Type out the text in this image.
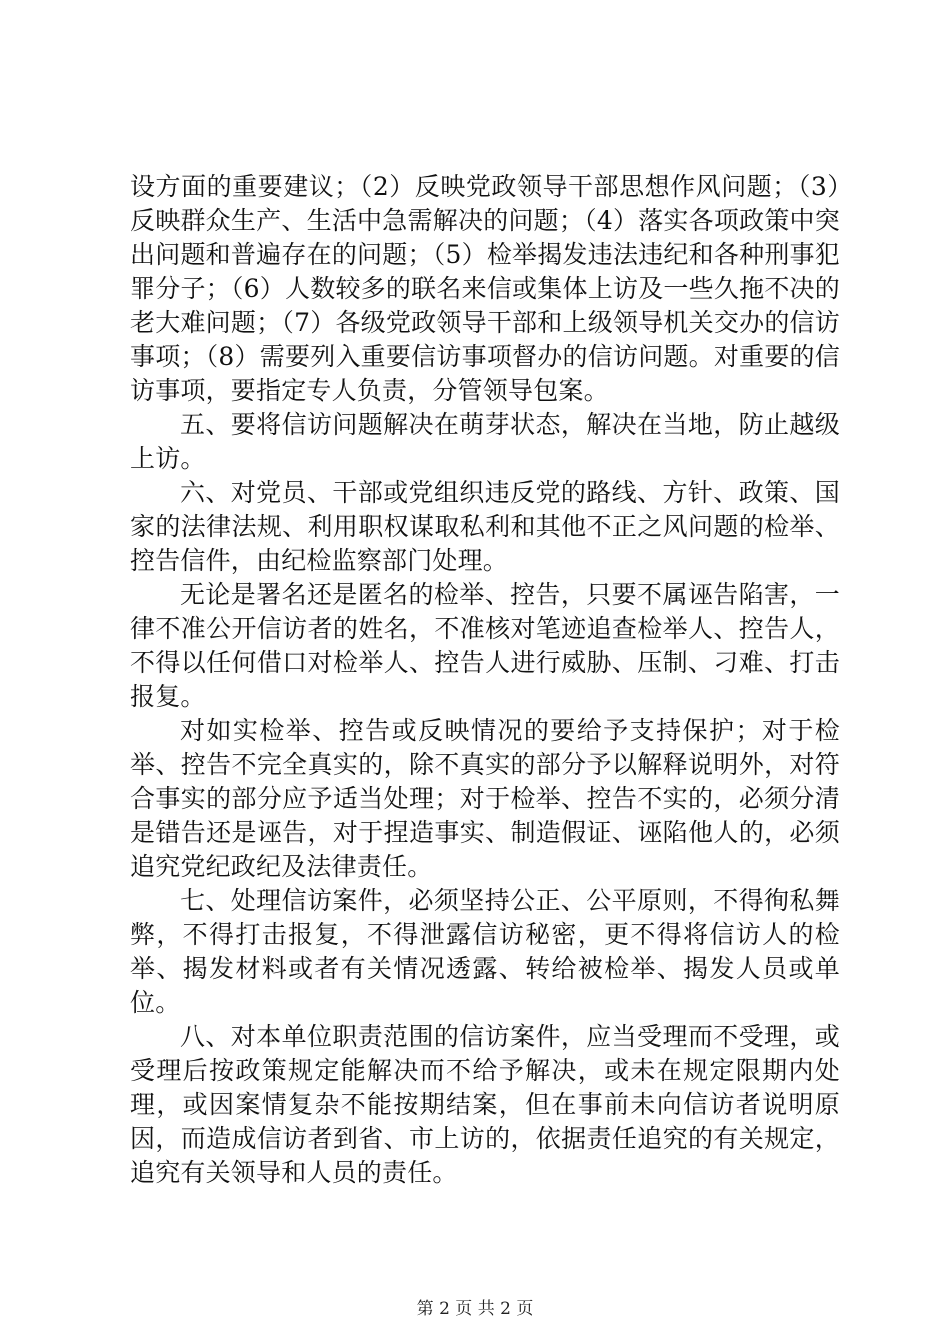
设方面的重要建议；（2）反映党政领导干部思想作风问题；（3）反映群众生产、生活中急需解决的问题；（4）落实各项政策中突出问题和普遍存在的问题；（5）检举揭发违法违纪和各种刑事犯罪分子；（6）人数较多的联名来信或集体上访及一些久拖不决的老大难问题；（7）各级党政领导干部和上级领导机关交办的信访事项；（8）需要列入重要信访事项督办的信访问题。对重要的信访事项，要指定专人负责，分管领导包案。

五、要将信访问题解决在萌芽状态，解决在当地，防止越级上访。

六、对党员、干部或党组织违反党的路线、方针、政策、国家的法律法规、利用职权谋取私利和其他不正之风问题的检举、控告信件，由纪检监察部门处理。

无论是署名还是匿名的检举、控告，只要不属诬告陷害，一律不准公开信访者的姓名，不准核对笔迹追查检举人、控告人，不得以任何借口对检举人、控告人进行威胁、压制、刁难、打击报复。

对如实检举、控告或反映情况的要给予支持保护；对于检举、控告不完全真实的，除不真实的部分予以解释说明外，对符合事实的部分应予适当处理；对于检举、控告不实的，必须分清是错告还是诬告，对于捏造事实、制造假证、诬陷他人的，必须追究党纪政纪及法律责任。

七、处理信访案件，必须坚持公正、公平原则，不得徇私舞弊，不得打击报复，不得泄露信访秘密，更不得将信访人的检举、揭发材料或者有关情况透露、转给被检举、揭发人员或单位。

八、对本单位职责范围的信访案件，应当受理而不受理，或受理后按政策规定能解决而不给予解决，或未在规定限期内处理，或因案情复杂不能按期结案，但在事前未向信访者说明原因，而造成信访者到省、市上访的，依据责任追究的有关规定，追究有关领导和人员的责任。

第 2 页 共 2 页
